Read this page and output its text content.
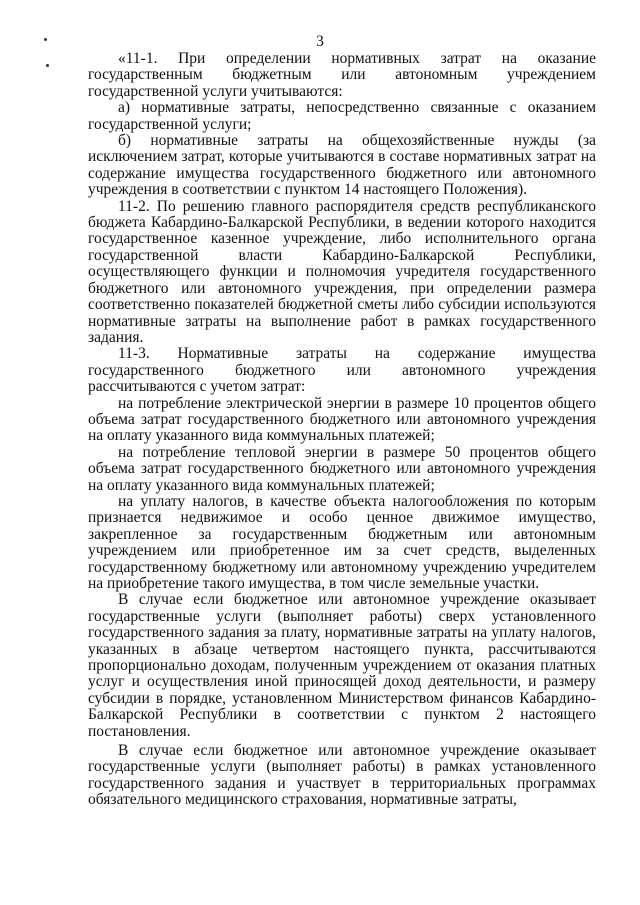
3

«11-1. При определении нормативных затрат на оказание государственным бюджетным или автономным учреждением государственной услуги учитываются:

а) нормативные затраты, непосредственно связанные с оказанием государственной услуги;

б) нормативные затраты на общехозяйственные нужды (за исключением затрат, которые учитываются в составе нормативных затрат на содержание имущества государственного бюджетного или автономного учреждения в соответствии с пунктом 14 настоящего Положения).

11-2. По решению главного распорядителя средств республиканского бюджета Кабардино-Балкарской Республики, в ведении которого находится государственное казенное учреждение, либо исполнительного органа государственной власти Кабардино-Балкарской Республики, осуществляющего функции и полномочия учредителя государственного бюджетного или автономного учреждения, при определении размера соответственно показателей бюджетной сметы либо субсидии используются нормативные затраты на выполнение работ в рамках государственного задания.

11-3. Нормативные затраты на содержание имущества государственного бюджетного или автономного учреждения рассчитываются с учетом затрат:

на потребление электрической энергии в размере 10 процентов общего объема затрат государственного бюджетного или автономного учреждения на оплату указанного вида коммунальных платежей;

на потребление тепловой энергии в размере 50 процентов общего объема затрат государственного бюджетного или автономного учреждения на оплату указанного вида коммунальных платежей;

на уплату налогов, в качестве объекта налогообложения по которым признается недвижимое и особо ценное движимое имущество, закрепленное за государственным бюджетным или автономным учреждением или приобретенное им за счет средств, выделенных государственному бюджетному или автономному учреждению учредителем на приобретение такого имущества, в том числе земельные участки.

В случае если бюджетное или автономное учреждение оказывает государственные услуги (выполняет работы) сверх установленного государственного задания за плату, нормативные затраты на уплату налогов, указанных в абзаце четвертом настоящего пункта, рассчитываются пропорционально доходам, полученным учреждением от оказания платных услуг и осуществления иной приносящей доход деятельности, и размеру субсидии в порядке, установленном Министерством финансов Кабардино-Балкарской Республики в соответствии с пунктом 2 настоящего постановления.

В случае если бюджетное или автономное учреждение оказывает государственные услуги (выполняет работы) в рамках установленного государственного задания и участвует в территориальных программах обязательного медицинского страхования, нормативные затраты,
